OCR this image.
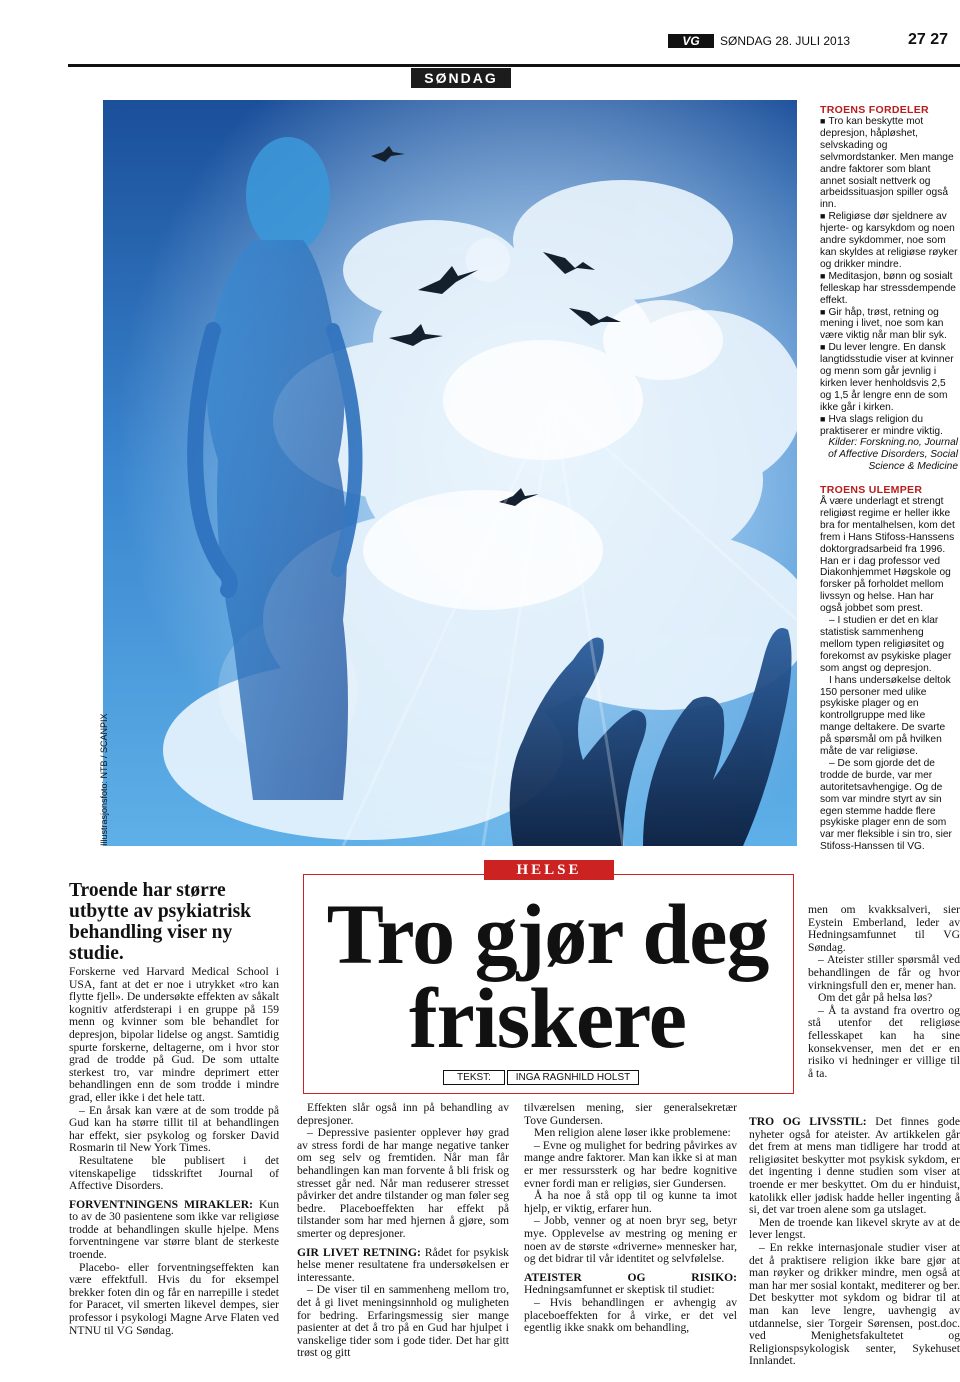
VG	SØNDAG 28. JULI 2013	27 27
SØNDAG
Illustrasjonsfoto: NTB / SCANPIX
TROENS FORDELER

■ Tro kan beskytte mot depresjon, håpløshet, selvskading og selvmordstanker. Men mange andre faktorer som blant annet sosialt nettverk og arbeidssituasjon spiller også inn.

■ Religiøse dør sjeldnere av hjerte- og karsykdom og noen andre sykdommer, noe som kan skyldes at religiøse røyker og drikker mindre.

■ Meditasjon, bønn og sosialt felleskap har stressdempende effekt.

■ Gir håp, trøst, retning og mening i livet, noe som kan være viktig når man blir syk.

■ Du lever lengre. En dansk langtidsstudie viser at kvinner og menn som går jevnlig i kirken lever henholdsvis 2,5 og 1,5 år lengre enn de som ikke går i kirken.

■ Hva slags religion du praktiserer er mindre viktig.

Kilder: Forskning.no, Journal of Affective Disorders, Social Science & Medicine

TROENS ULEMPER

Å være underlagt et strengt religiøst regime er heller ikke bra for mentalhelsen, kom det frem i Hans Stifoss-Hanssens doktorgradsarbeid fra 1996. Han er i dag professor ved Diakonhjemmet Høgskole og forsker på forholdet mellom livssyn og helse. Han har også jobbet som prest.

– I studien er det en klar statistisk sammenheng mellom typen religiøsitet og forekomst av psykiske plager som angst og depresjon.

I hans undersøkelse deltok 150 personer med ulike psykiske plager og en kontrollgruppe med like mange deltakere. De svarte på spørsmål om på hvilken måte de var religiøse.

– De som gjorde det de trodde de burde, var mer autoritetsavhengige. Og de som var mindre styrt av sin egen stemme hadde flere psykiske plager enn de som var mer fleksible i sin tro, sier Stifoss-Hanssen til VG.

HELSE
Tro gjør deg friskere
TEKST:	INGA RAGNHILD HOLST
Troende har større utbytte av psykiatrisk behandling viser ny studie.

Forskerne ved Harvard Medical School i USA, fant at det er noe i utrykket «tro kan flytte fjell». De undersøkte effekten av såkalt kognitiv atferdsterapi i en gruppe på 159 menn og kvinner som ble behandlet for depresjon, bipolar lidelse og angst. Samtidig spurte forskerne, deltagerne, om i hvor stor grad de trodde på Gud. De som uttalte sterkest tro, var mindre deprimert etter behandlingen enn de som trodde i mindre grad, eller ikke i det hele tatt.

– En årsak kan være at de som trodde på Gud kan ha større tillit til at behandlingen har effekt, sier psykolog og forsker David Rosmarin til New York Times.

Resultatene ble publisert i det vitenskapelige tidsskriftet Journal of Affective Disorders.

FORVENTNINGENS MIRAKLER: Kun to av de 30 pasientene som ikke var religiøse trodde at behandlingen skulle hjelpe. Mens forventningene var større blant de sterkeste troende.

Placebo- eller forventningseffekten kan være effektfull. Hvis du for eksempel brekker foten din og får en narrepille i stedet for Paracet, vil smerten likevel dempes, sier professor i psykologi Magne Arve Flaten ved NTNU til VG Søndag.

Effekten slår også inn på behandling av depresjoner.

– Depressive pasienter opplever høy grad av stress fordi de har mange negative tanker om seg selv og fremtiden. Når man får behandlingen kan man forvente å bli frisk og stresset går ned. Når man reduserer stresset påvirker det andre tilstander og man føler seg bedre. Placeboeffekten har effekt på tilstander som har med hjernen å gjøre, som smerter og depresjoner.

GIR LIVET RETNING: Rådet for psykisk helse mener resultatene fra undersøkelsen er interessante.

– De viser til en sammenheng mellom tro, det å gi livet meningsinnhold og muligheten for bedring. Erfaringsmessig sier mange pasienter at det å tro på en Gud har hjulpet i vanskelige tider som i gode tider. Det har gitt trøst og gitt

tilværelsen mening, sier generalsekretær Tove Gundersen.

Men religion alene løser ikke problemene:

– Evne og mulighet for bedring påvirkes av mange andre faktorer. Man kan ikke si at man er mer ressurssterk og har bedre kognitive evner fordi man er religiøs, sier Gundersen.

Å ha noe å stå opp til og kunne ta imot hjelp, er viktig, erfarer hun.

– Jobb, venner og at noen bryr seg, betyr mye. Opplevelse av mestring og mening er noen av de største «driverne» mennesker har, og det bidrar til vår identitet og selvfølelse.

ATEISTER OG RISIKO: Hedningsamfunnet er skeptisk til studiet:

– Hvis behandlingen er avhengig av placeboeffekten for å virke, er det vel egentlig ikke snakk om behandling,

men om kvakksalveri, sier Eystein Emberland, leder av Hedningsamfunnet til VG Søndag.

– Ateister stiller spørsmål ved behandlingen de får og hvor virkningsfull den er, mener han.

Om det går på helsa løs?

– Å ta avstand fra overtro og stå utenfor det religiøse fellesskapet kan ha sine konsekvenser, men det er en risiko vi hedninger er villige til å ta.

TRO OG LIVSSTIL: Det finnes gode nyheter også for ateister. Av artikkelen går det frem at mens man tidligere har trodd at religiøsitet beskytter mot psykisk sykdom, er det ingenting i denne studien som viser at troende er mer beskyttet. Om du er hinduist, katolikk eller jødisk hadde heller ingenting å si, det var troen alene som ga utslaget.

Men de troende kan likevel skryte av at de lever lengst.

– En rekke internasjonale studier viser at det å praktisere religion ikke bare gjør at man røyker og drikker mindre, men også at man har mer sosial kontakt, mediterer og ber. Det beskytter mot sykdom og bidrar til at man kan leve lengre, uavhengig av utdannelse, sier Torgeir Sørensen, post.doc. ved Menighetsfakultetet og Religionspsykologisk senter, Sykehuset Innlandet.
